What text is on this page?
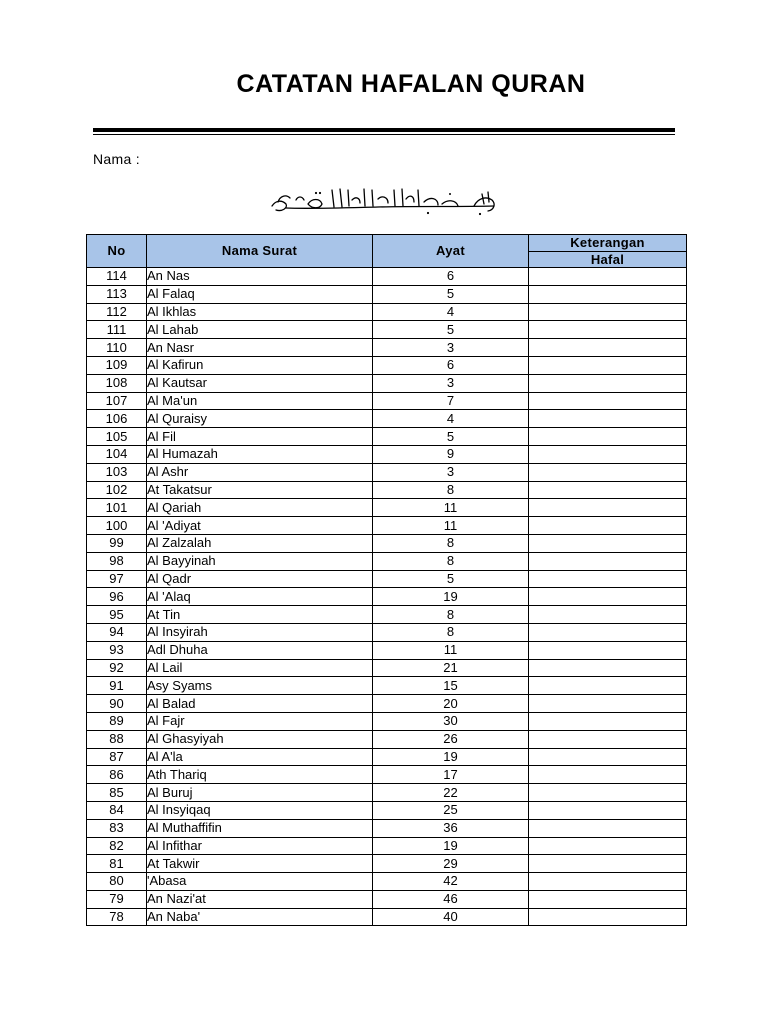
CATATAN HAFALAN QURAN
Nama :
No	Nama Surat	Ayat	Keterangan
			Hafal
114	An Nas	6	
113	Al Falaq	5	
112	Al Ikhlas	4	
111	Al Lahab	5	
110	An Nasr	3	
109	Al Kafirun	6	
108	Al Kautsar	3	
107	Al Ma'un	7	
106	Al Quraisy	4	
105	Al Fil	5	
104	Al Humazah	9	
103	Al Ashr	3	
102	At Takatsur	8	
101	Al Qariah	11	
100	Al 'Adiyat	11	
99	Al Zalzalah	8	
98	Al Bayyinah	8	
97	Al Qadr	5	
96	Al 'Alaq	19	
95	At Tin	8	
94	Al Insyirah	8	
93	Adl Dhuha	11	
92	Al Lail	21	
91	Asy Syams	15	
90	Al Balad	20	
89	Al Fajr	30	
88	Al Ghasyiyah	26	
87	Al A'la	19	
86	Ath Thariq	17	
85	Al Buruj	22	
84	Al Insyiqaq	25	
83	Al Muthaffifin	36	
82	Al Infithar	19	
81	At Takwir	29	
80	'Abasa	42	
79	An Nazi'at	46	
78	An Naba'	40	
